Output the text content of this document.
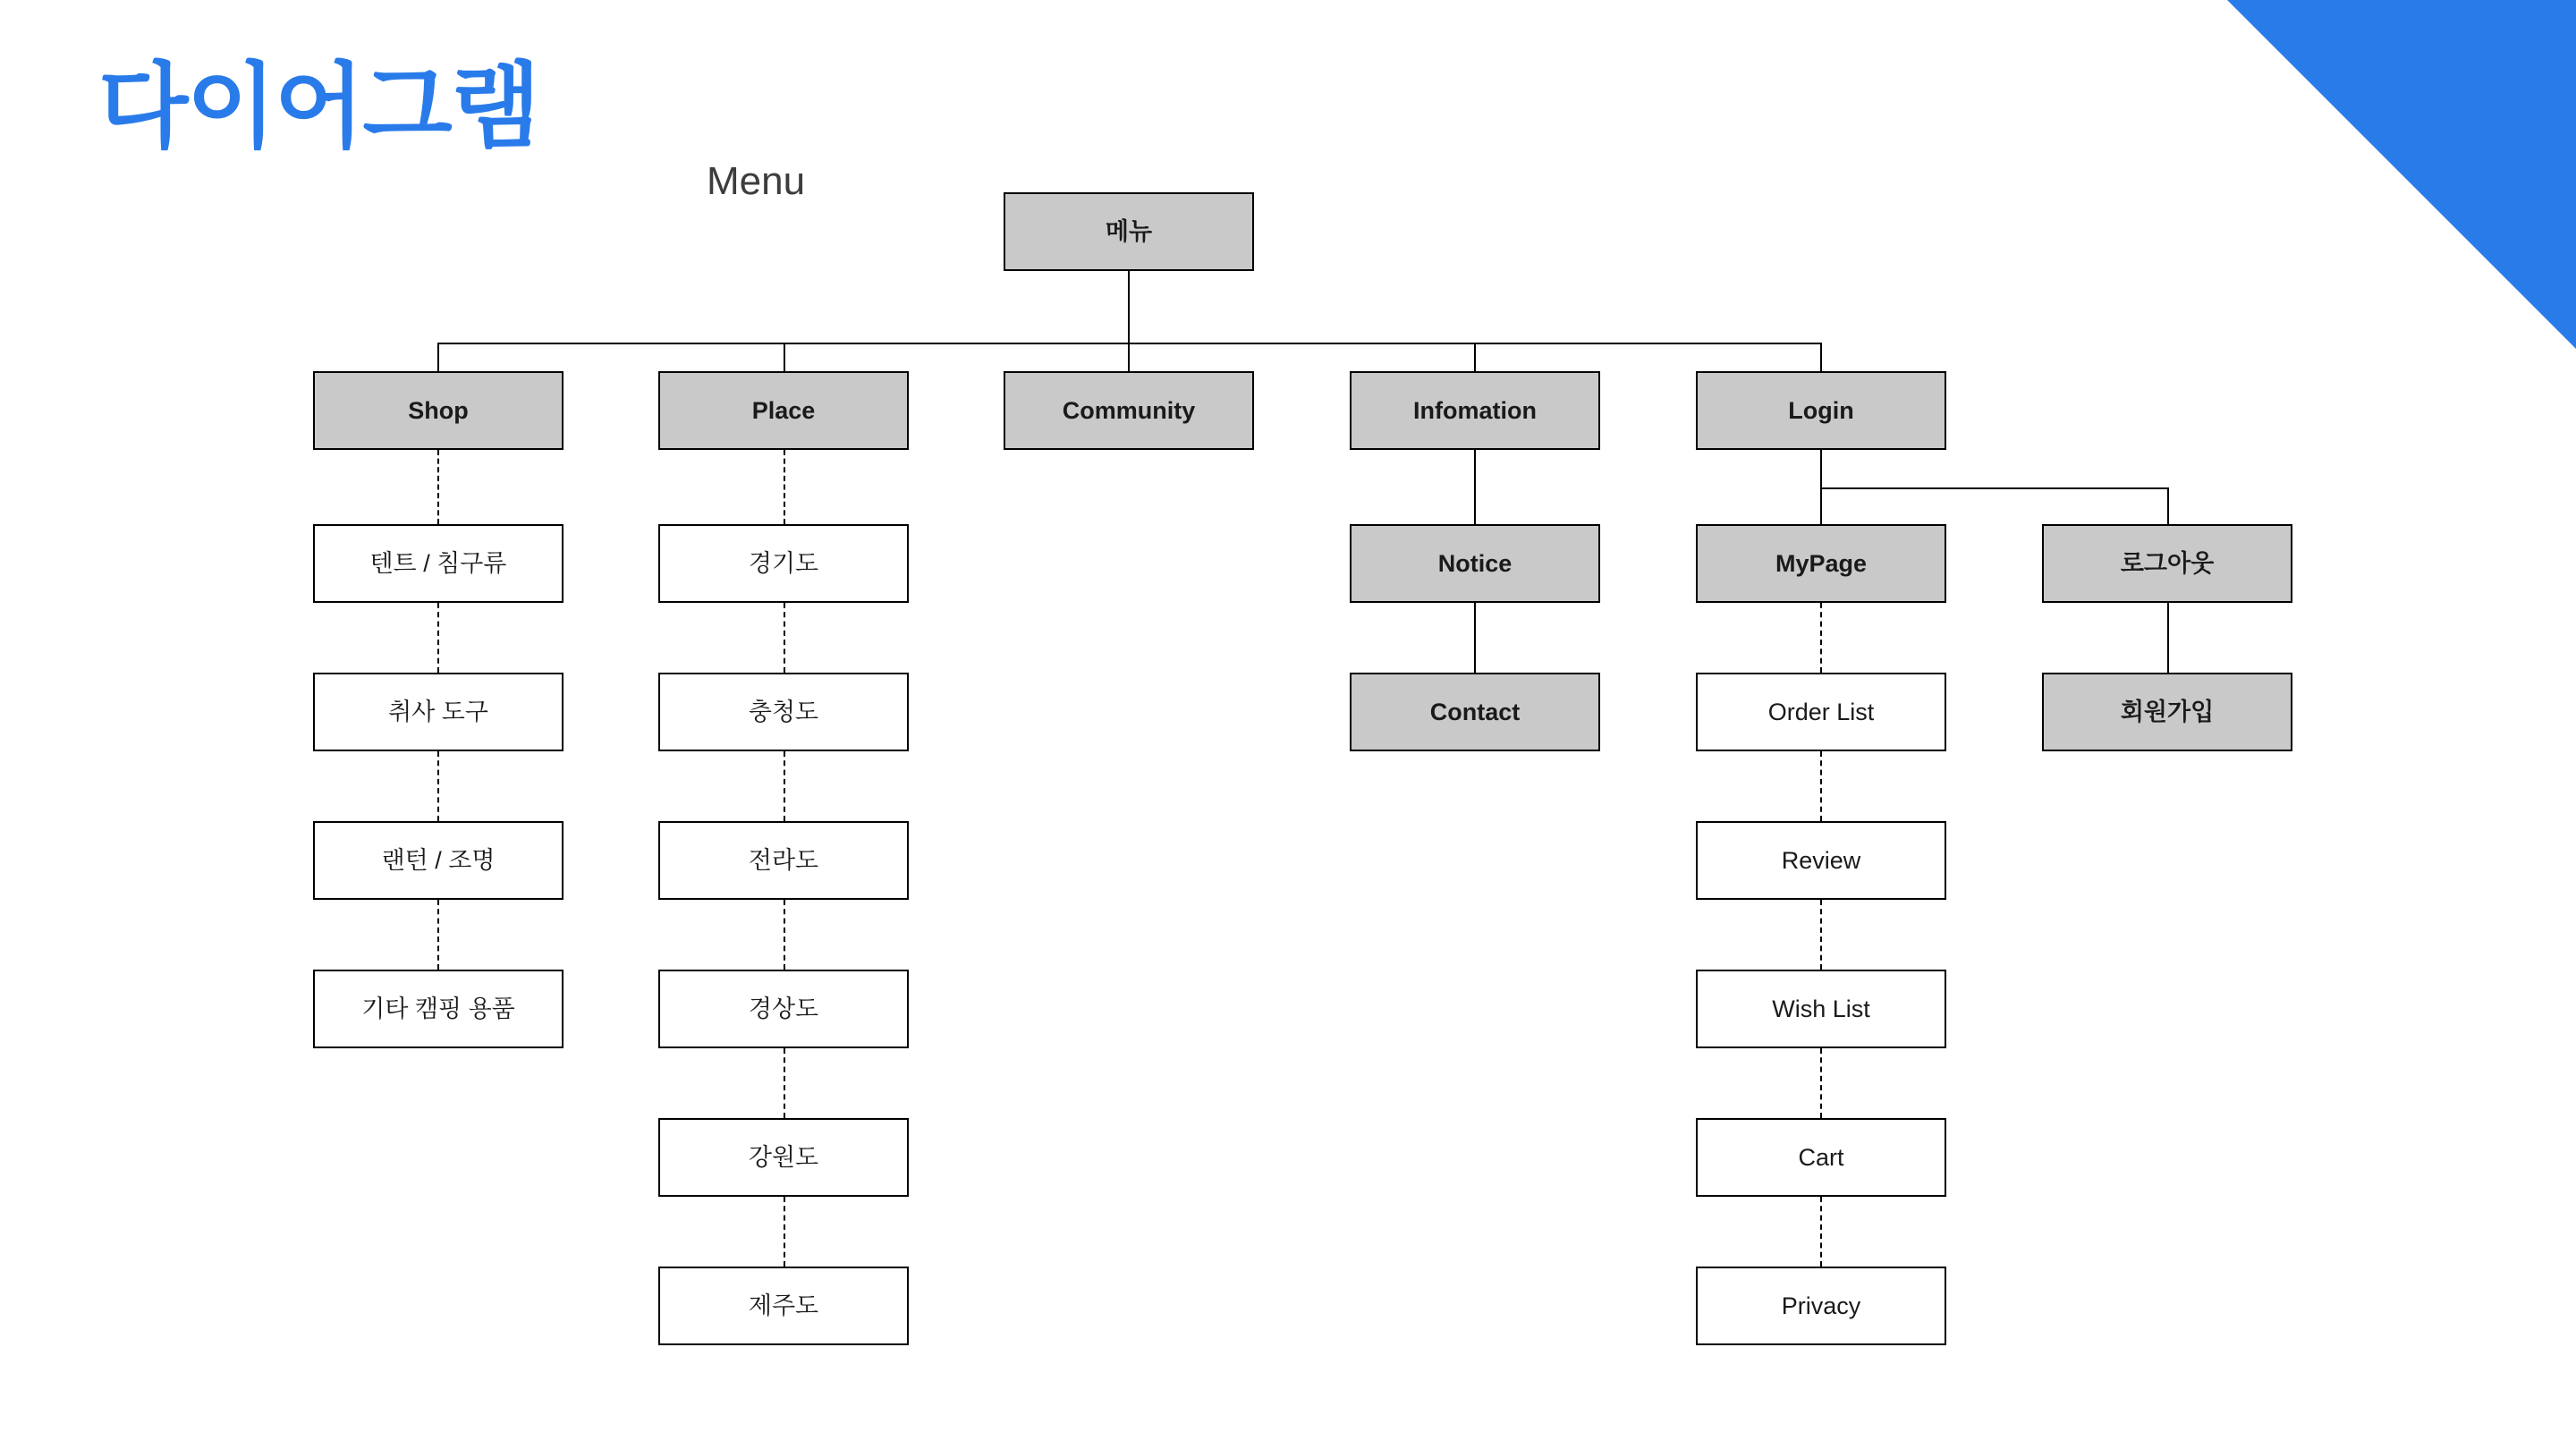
다이어그램
Menu
메뉴
Shop
텐트 / 침구류
취사 도구
랜턴 / 조명
기타 캠핑 용품
Place
경기도
충청도
전라도
경상도
강원도
제주도
Community	Infomation
Notice
Contact
Login
MyPage
Order List
Review
Wish List
Cart
Privacy
로그아웃
회원가입
